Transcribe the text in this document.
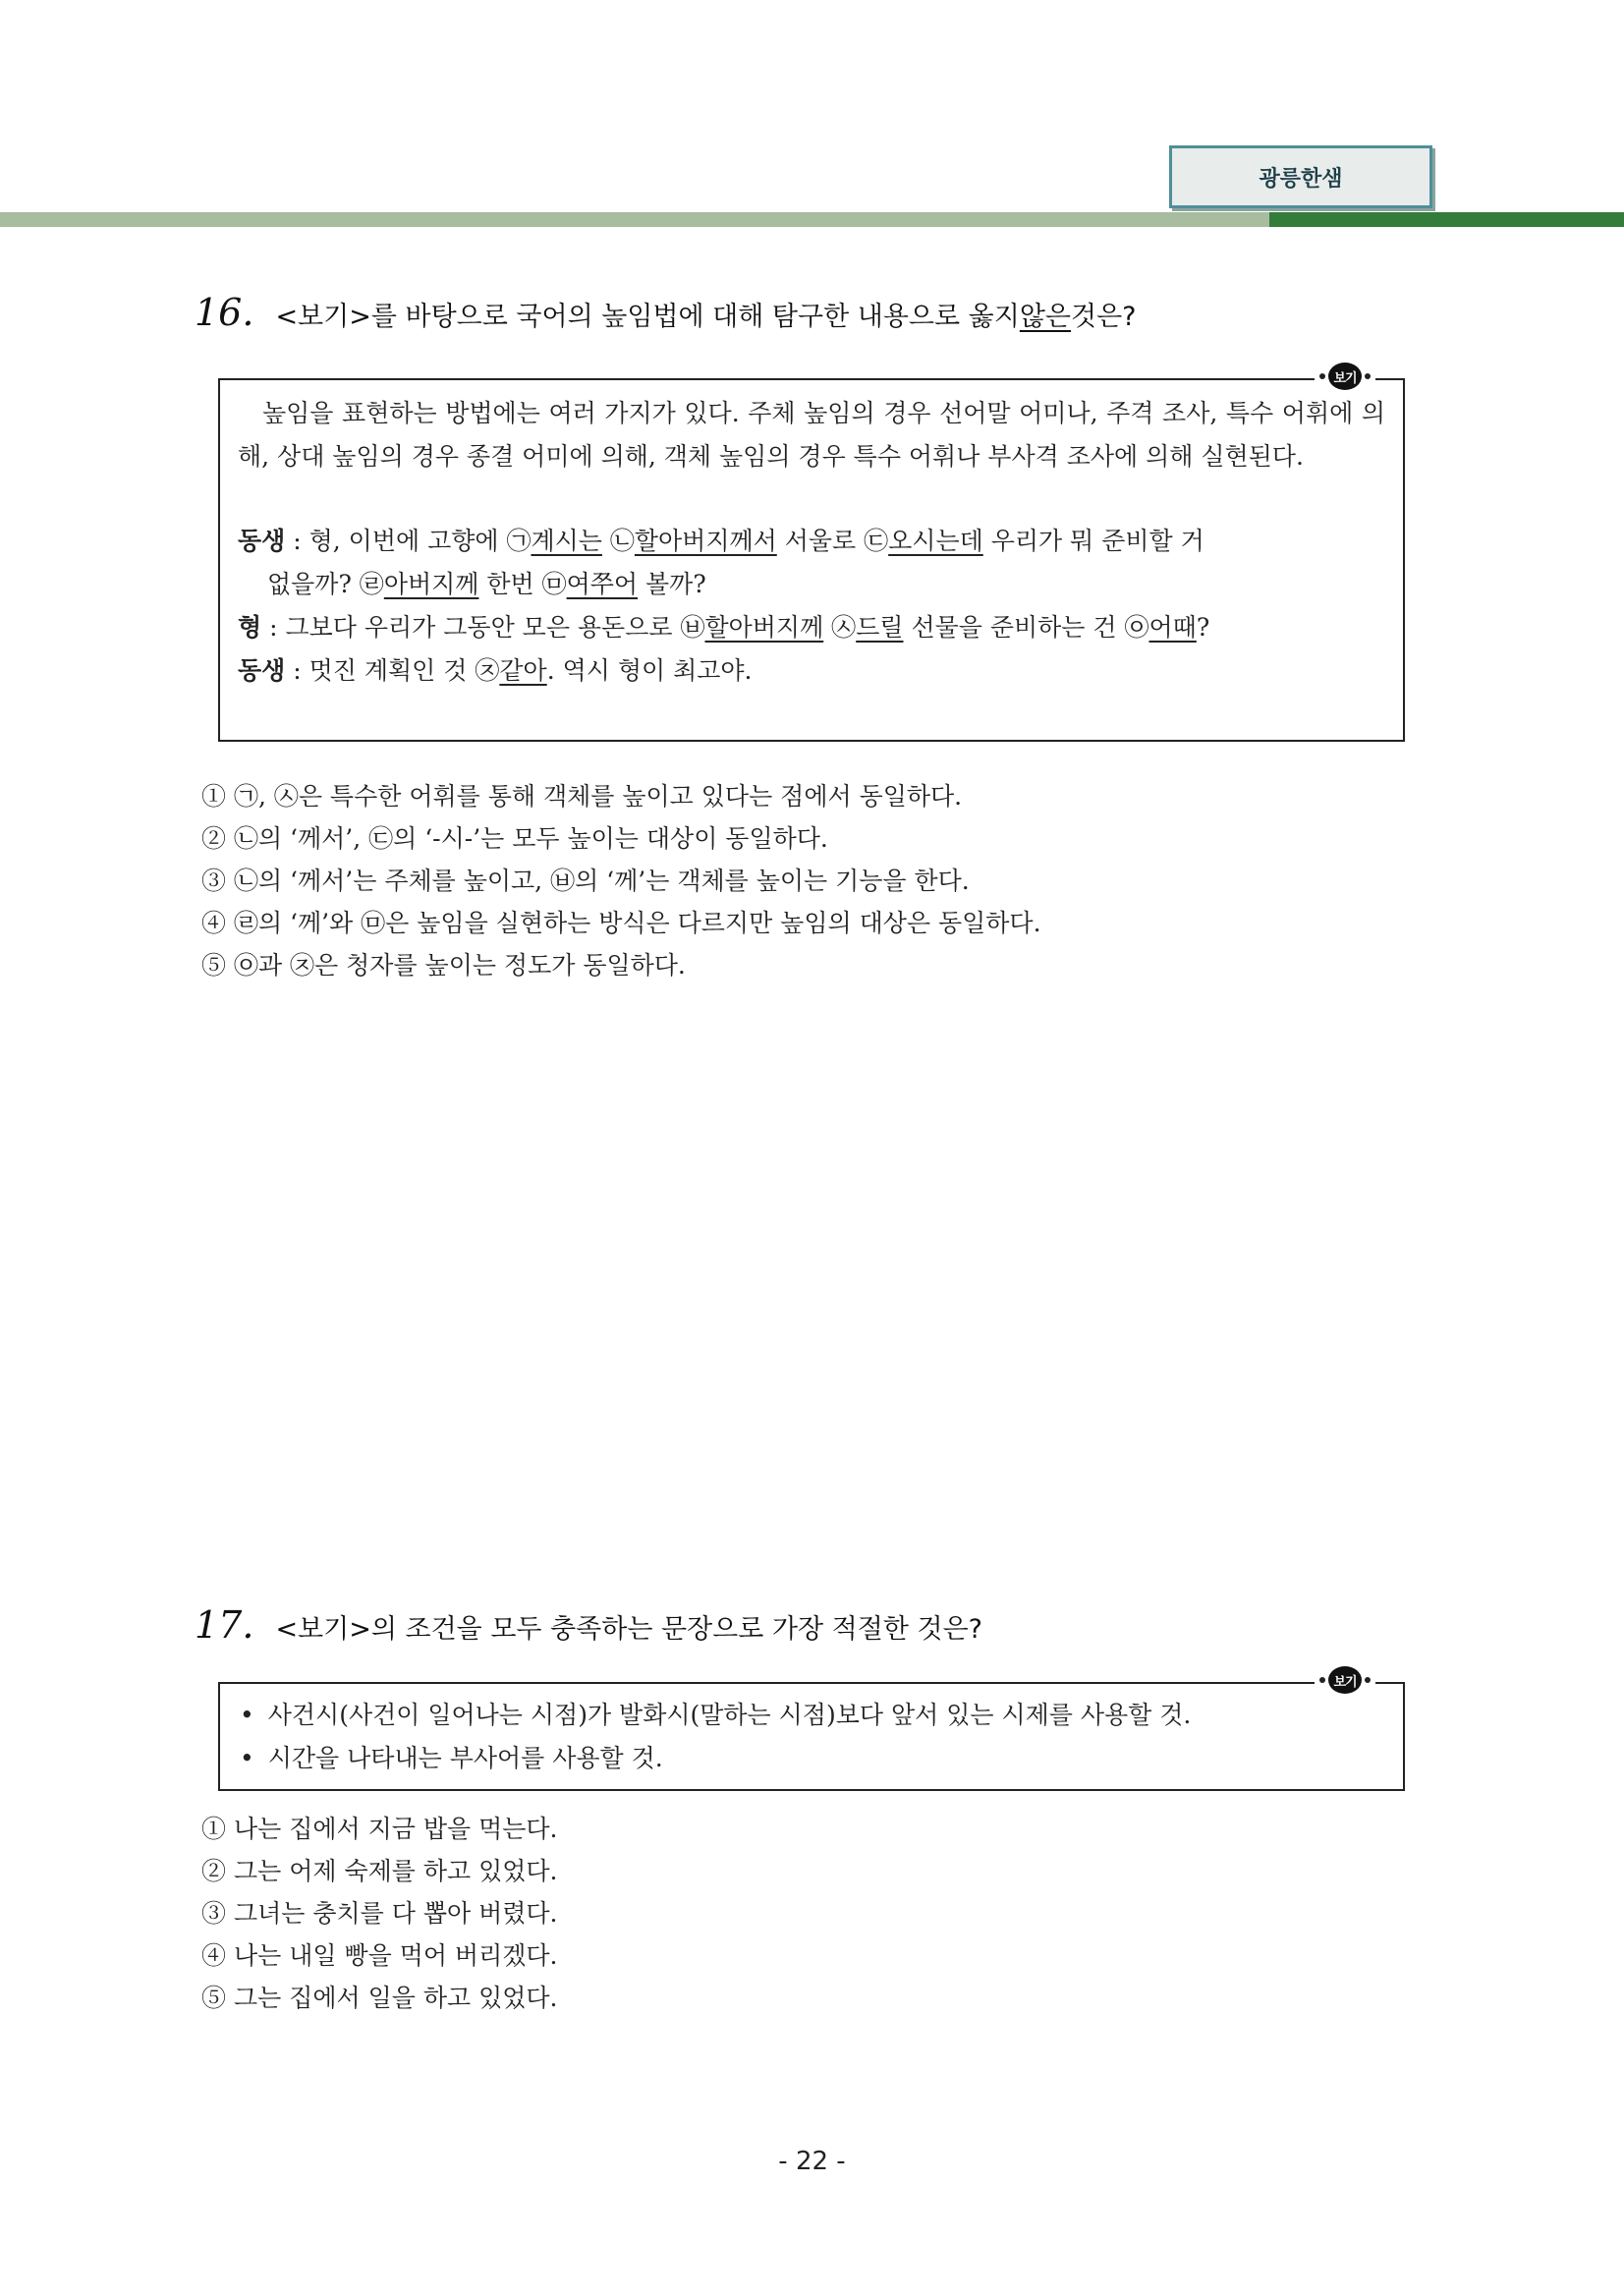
광릉한샘
16. <보기>를 바탕으로 국어의 높임법에 대해 탐구한 내용으로 옳지 않은 것은?
보기

높임을 표현하는 방법에는 여러 가지가 있다. 주체 높임의 경우 선어말 어미나, 주격 조사, 특수 어휘에 의해, 상대 높임의 경우 종결 어미에 의해, 객체 높임의 경우 특수 어휘나 부사격 조사에 의해 실현된다.

동생 : 형, 이번에 고향에 ㉠계시는 ㉡할아버지께서 서울로 ㉢오시는데 우리가 뭐 준비할 거
없을까? ㉣아버지께 한번 ㉤여쭈어 볼까?

형 : 그보다 우리가 그동안 모은 용돈으로 ㉥할아버지께 ㉦드릴 선물을 준비하는 건 ㉧어때?

동생 : 멋진 계획인 것 ㉨같아. 역시 형이 최고야.

① ㉠, ㉦은 특수한 어휘를 통해 객체를 높이고 있다는 점에서 동일하다.
② ㉡의 ‘께서’, ㉢의 ‘-시-’는 모두 높이는 대상이 동일하다.
③ ㉡의 ‘께서’는 주체를 높이고, ㉥의 ‘께’는 객체를 높이는 기능을 한다.
④ ㉣의 ‘께’와 ㉤은 높임을 실현하는 방식은 다르지만 높임의 대상은 동일하다.
⑤ ㉧과 ㉨은 청자를 높이는 정도가 동일하다.
17. <보기>의 조건을 모두 충족하는 문장으로 가장 적절한 것은?
보기
• 사건시(사건이 일어나는 시점)가 발화시(말하는 시점)보다 앞서 있는 시제를 사용할 것.
• 시간을 나타내는 부사어를 사용할 것.
① 나는 집에서 지금 밥을 먹는다.
② 그는 어제 숙제를 하고 있었다.
③ 그녀는 충치를 다 뽑아 버렸다.
④ 나는 내일 빵을 먹어 버리겠다.
⑤ 그는 집에서 일을 하고 있었다.
- 22 -
